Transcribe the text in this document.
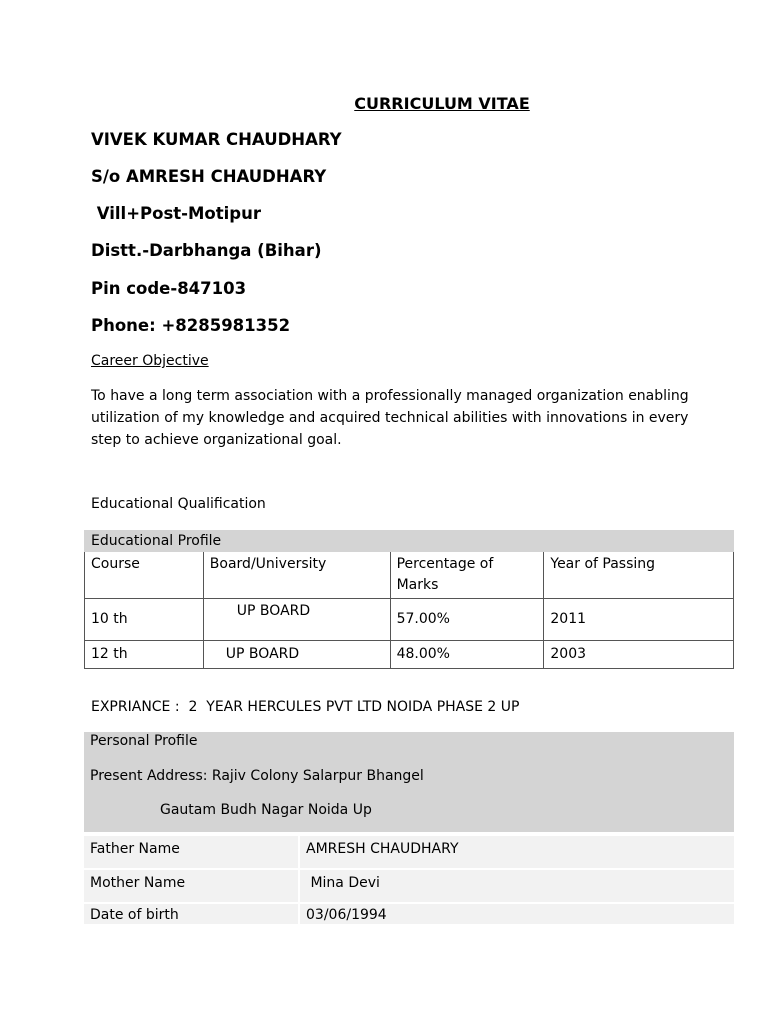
CURRICULUM VITAE
VIVEK KUMAR CHAUDHARY
S/o AMRESH CHAUDHARY
Vill+Post-Motipur
Distt.-Darbhanga (Bihar)
Pin code-847103
Phone: +8285981352
Career Objective
To have a long term association with a professionally managed organization enabling utilization of my knowledge and acquired technical abilities with innovations in every step to achieve organizational goal.
Educational Qualification
Educational Profile			
Course	Board/University	Percentage of Marks	Year of Passing
10 th	UP BOARD	57.00%	2011
12 th	UP BOARD	48.00%	2003
EXPRIANCE :  2  YEAR HERCULES PVT LTD NOIDA PHASE 2 UP
Personal Profile
Present Address: Rajiv Colony Salarpur Bhangel
Gautam Budh Nagar Noida Up
Father Name	AMRESH CHAUDHARY
Mother Name	Mina Devi
Date of birth	03/06/1994
